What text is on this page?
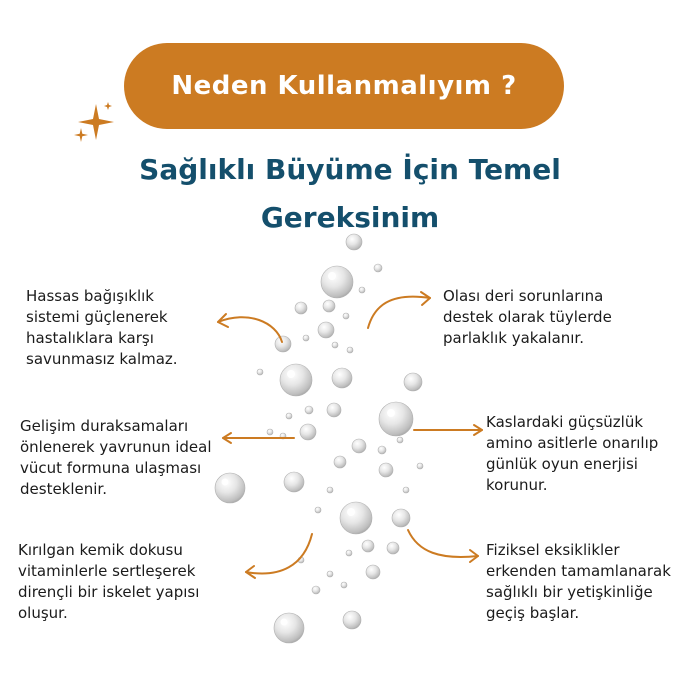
Neden Kullanmalıyım ?
Sağlıklı Büyüme İçin Temel
Gereksinim

Hassas bağışıklık sistemi güçlenerek hastalıklara karşı savunmasız kalmaz.

Gelişim duraksamaları önlenerek yavrunun ideal vücut formuna ulaşması desteklenir.

Kırılgan kemik dokusu vitaminlerle sertleşerek dirençli bir iskelet yapısı oluşur.

Olası deri sorunlarına destek olarak tüylerde parlaklık yakalanır.

Kaslardaki güçsüzlük amino asitlerle onarılıp günlük oyun enerjisi korunur.

Fiziksel eksiklikler erkenden tamamlanarak sağlıklı bir yetişkinliğe geçiş başlar.
